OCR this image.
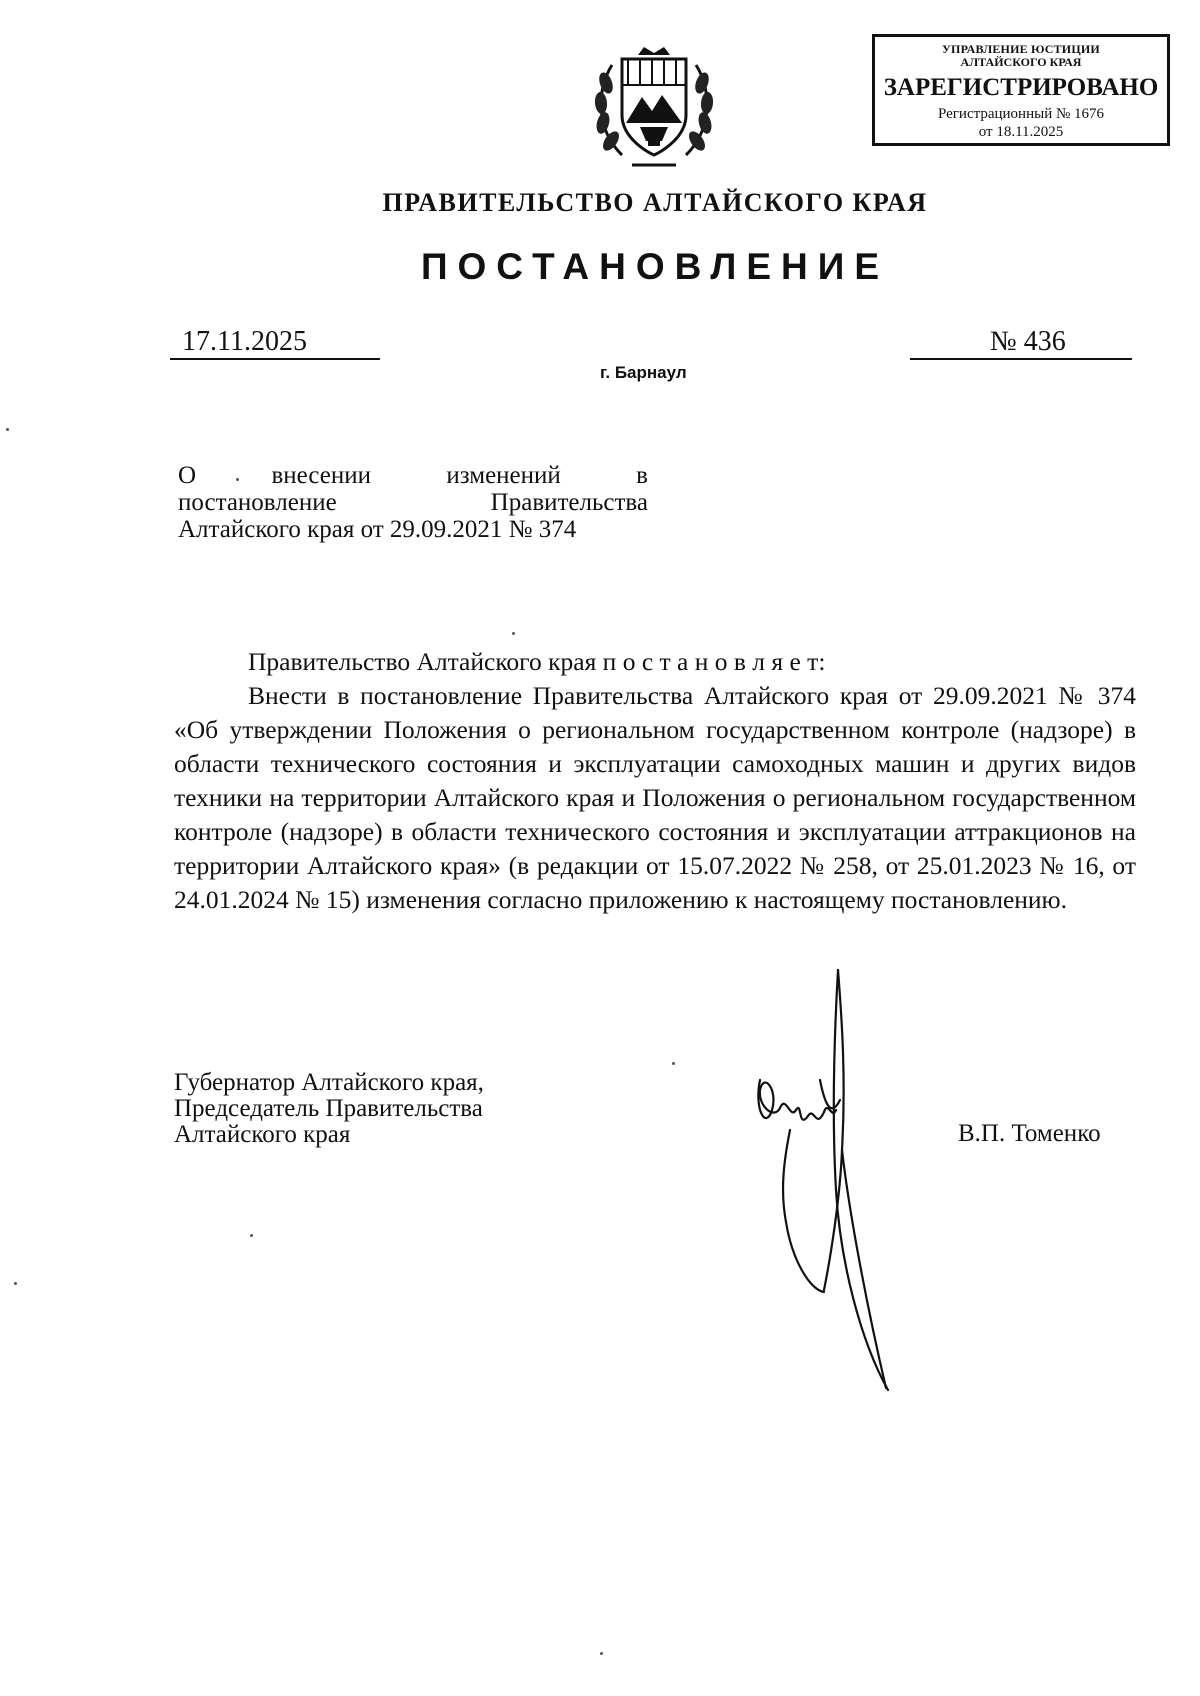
УПРАВЛЕНИЕ ЮСТИЦИИ
АЛТАЙСКОГО КРАЯ
ЗАРЕГИСТРИРОВАНО
Регистрационный № 1676
от 18.11.2025
ПРАВИТЕЛЬСТВО АЛТАЙСКОГО КРАЯ
ПОСТАНОВЛЕНИЕ
17.11.2025	№ 436
г. Барнаул
О	внесении	изменений	в
постановление	Правительства
Алтайского края от 29.09.2021 № 374

Правительство Алтайского края п о с т а н о в л я е т:

Внести в постановление Правительства Алтайского края от 29.09.2021 № 374 «Об утверждении Положения о региональном государственном контроле (надзоре) в области технического состояния и эксплуатации самоходных машин и других видов техники на территории Алтайского края и Положения о региональном государственном контроле (надзоре) в области технического состояния и эксплуатации аттракционов на территории Алтайского края» (в редакции от 15.07.2022 № 258, от 25.01.2023 № 16, от 24.01.2024 № 15) изменения согласно приложению к настоящему постановлению.

Губернатор Алтайского края,
Председатель Правительства
Алтайского края	В.П. Томенко
